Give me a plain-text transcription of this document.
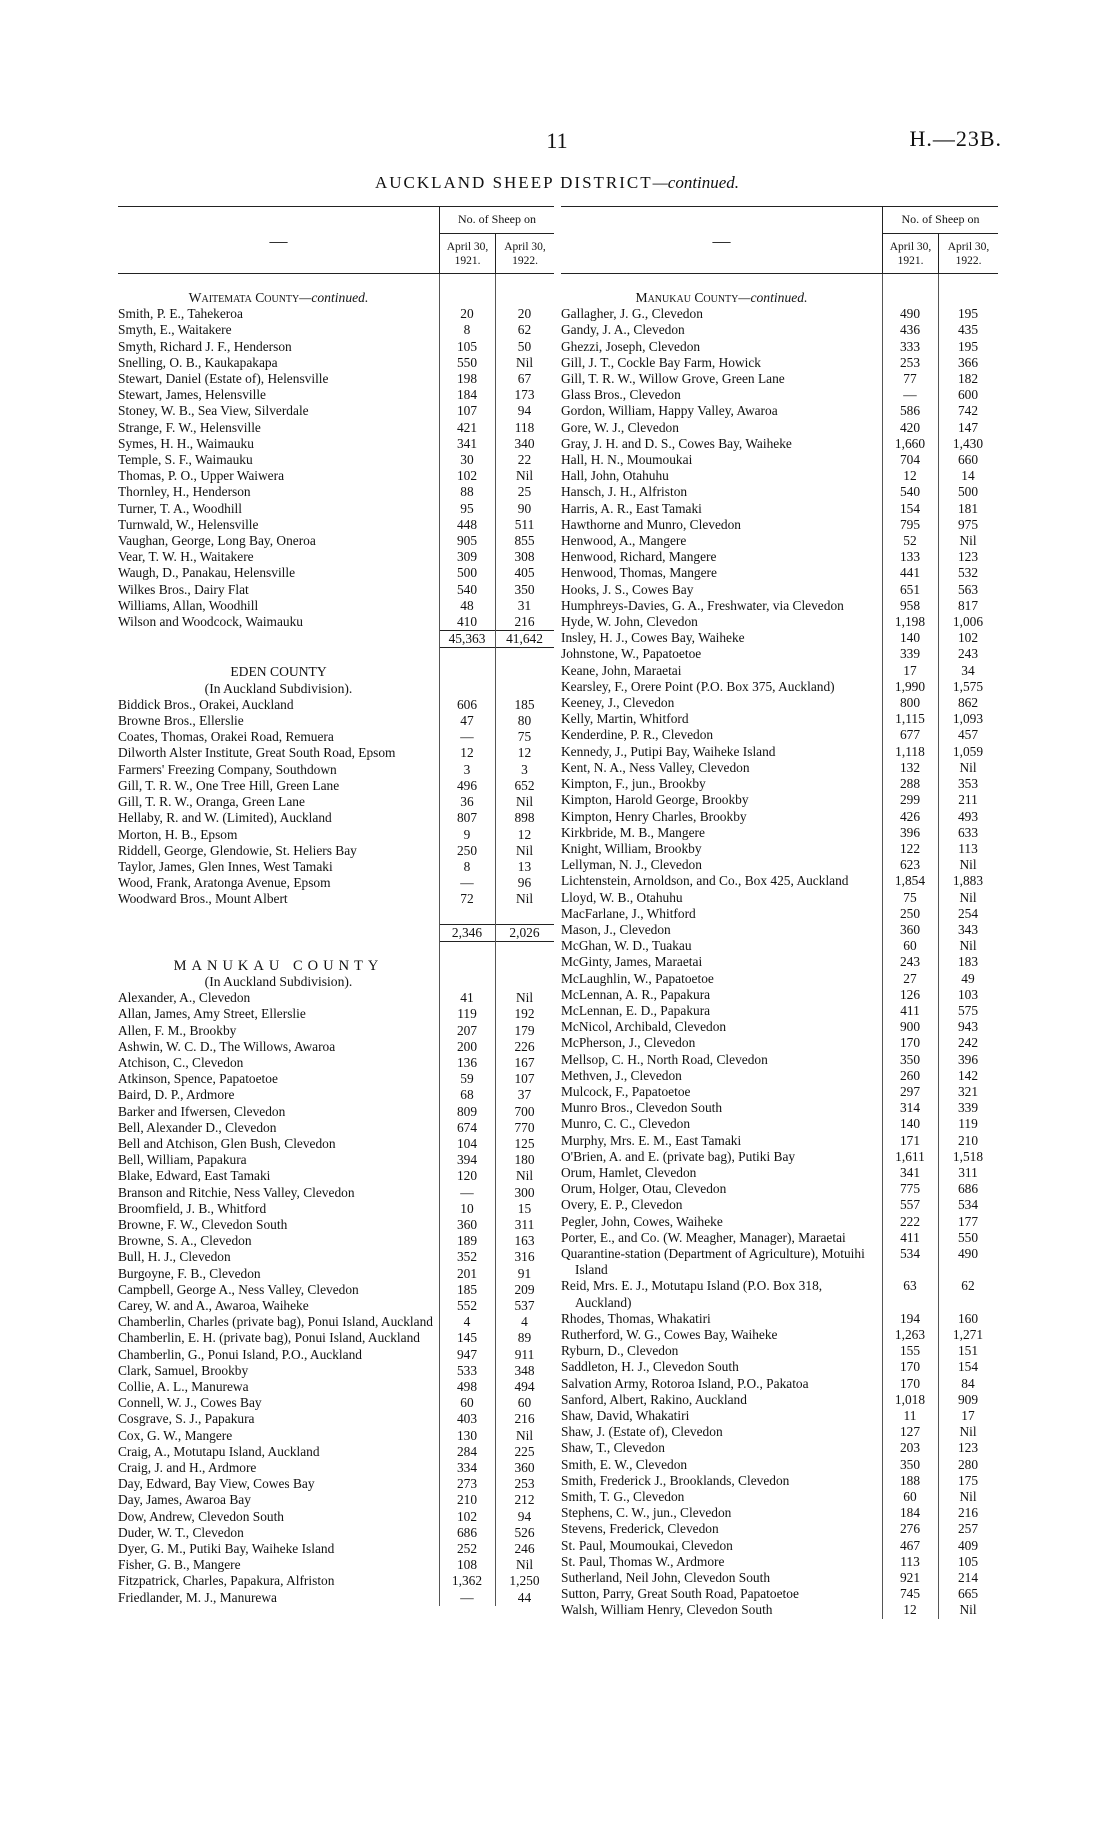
11	H.—23B.
AUCKLAND SHEEP DISTRICT—continued.
—
No. of Sheep on
April 30, 1921.
April 30, 1922.
Waitemata County—continued.
Smith, P. E., Tahekeroa	20	20
Smyth, E., Waitakere	8	62
Smyth, Richard J. F., Henderson	105	50
Snelling, O. B., Kaukapakapa	550	Nil
Stewart, Daniel (Estate of), Helensville	198	67
Stewart, James, Helensville	184	173
Stoney, W. B., Sea View, Silverdale	107	94
Strange, F. W., Helensville	421	118
Symes, H. H., Waimauku	341	340
Temple, S. F., Waimauku	30	22
Thomas, P. O., Upper Waiwera	102	Nil
Thornley, H., Henderson	88	25
Turner, T. A., Woodhill	95	90
Turnwald, W., Helensville	448	511
Vaughan, George, Long Bay, Oneroa	905	855
Vear, T. W. H., Waitakere	309	308
Waugh, D., Panakau, Helensville	500	405
Wilkes Bros., Dairy Flat	540	350
Williams, Allan, Woodhill	48	31
Wilson and Woodcock, Waimauku	410	216
45,363	41,642
EDEN COUNTY
(In Auckland Subdivision).
Biddick Bros., Orakei, Auckland	606	185
Browne Bros., Ellerslie	47	80
Coates, Thomas, Orakei Road, Remuera	—	75
Dilworth Alster Institute, Great South Road, Epsom	12	12
Farmers' Freezing Company, Southdown	3	3
Gill, T. R. W., One Tree Hill, Green Lane	496	652
Gill, T. R. W., Oranga, Green Lane	36	Nil
Hellaby, R. and W. (Limited), Auckland	807	898
Morton, H. B., Epsom	9	12
Riddell, George, Glendowie, St. Heliers Bay	250	Nil
Taylor, James, Glen Innes, West Tamaki	8	13
Wood, Frank, Aratonga Avenue, Epsom	—	96
Woodward Bros., Mount Albert	72	Nil
2,346	2,026
MANUKAU COUNTY
(In Auckland Subdivision).
Alexander, A., Clevedon	41	Nil
Allan, James, Amy Street, Ellerslie	119	192
Allen, F. M., Brookby	207	179
Ashwin, W. C. D., The Willows, Awaroa	200	226
Atchison, C., Clevedon	136	167
Atkinson, Spence, Papatoetoe	59	107
Baird, D. P., Ardmore	68	37
Barker and Ifwersen, Clevedon	809	700
Bell, Alexander D., Clevedon	674	770
Bell and Atchison, Glen Bush, Clevedon	104	125
Bell, William, Papakura	394	180
Blake, Edward, East Tamaki	120	Nil
Branson and Ritchie, Ness Valley, Clevedon	—	300
Broomfield, J. B., Whitford	10	15
Browne, F. W., Clevedon South	360	311
Browne, S. A., Clevedon	189	163
Bull, H. J., Clevedon	352	316
Burgoyne, F. B., Clevedon	201	91
Campbell, George A., Ness Valley, Clevedon	185	209
Carey, W. and A., Awaroa, Waiheke	552	537
Chamberlin, Charles (private bag), Ponui Island, Auckland	4	4
Chamberlin, E. H. (private bag), Ponui Island, Auckland	145	89
Chamberlin, G., Ponui Island, P.O., Auckland	947	911
Clark, Samuel, Brookby	533	348
Collie, A. L., Manurewa	498	494
Connell, W. J., Cowes Bay	60	60
Cosgrave, S. J., Papakura	403	216
Cox, G. W., Mangere	130	Nil
Craig, A., Motutapu Island, Auckland	284	225
Craig, J. and H., Ardmore	334	360
Day, Edward, Bay View, Cowes Bay	273	253
Day, James, Awaroa Bay	210	212
Dow, Andrew, Clevedon South	102	94
Duder, W. T., Clevedon	686	526
Dyer, G. M., Putiki Bay, Waiheke Island	252	246
Fisher, G. B., Mangere	108	Nil
Fitzpatrick, Charles, Papakura, Alfriston	1,362	1,250
Friedlander, M. J., Manurewa	—	44
—
No. of Sheep on
April 30, 1921.
April 30, 1922.
Manukau County—continued.
Gallagher, J. G., Clevedon	490	195
Gandy, J. A., Clevedon	436	435
Ghezzi, Joseph, Clevedon	333	195
Gill, J. T., Cockle Bay Farm, Howick	253	366
Gill, T. R. W., Willow Grove, Green Lane	77	182
Glass Bros., Clevedon	—	600
Gordon, William, Happy Valley, Awaroa	586	742
Gore, W. J., Clevedon	420	147
Gray, J. H. and D. S., Cowes Bay, Waiheke	1,660	1,430
Hall, H. N., Moumoukai	704	660
Hall, John, Otahuhu	12	14
Hansch, J. H., Alfriston	540	500
Harris, A. R., East Tamaki	154	181
Hawthorne and Munro, Clevedon	795	975
Henwood, A., Mangere	52	Nil
Henwood, Richard, Mangere	133	123
Henwood, Thomas, Mangere	441	532
Hooks, J. S., Cowes Bay	651	563
Humphreys-Davies, G. A., Freshwater, via Clevedon	958	817
Hyde, W. John, Clevedon	1,198	1,006
Insley, H. J., Cowes Bay, Waiheke	140	102
Johnstone, W., Papatoetoe	339	243
Keane, John, Maraetai	17	34
Kearsley, F., Orere Point (P.O. Box 375, Auckland)	1,990	1,575
Keeney, J., Clevedon	800	862
Kelly, Martin, Whitford	1,115	1,093
Kenderdine, P. R., Clevedon	677	457
Kennedy, J., Putipi Bay, Waiheke Island	1,118	1,059
Kent, N. A., Ness Valley, Clevedon	132	Nil
Kimpton, F., jun., Brookby	288	353
Kimpton, Harold George, Brookby	299	211
Kimpton, Henry Charles, Brookby	426	493
Kirkbride, M. B., Mangere	396	633
Knight, William, Brookby	122	113
Lellyman, N. J., Clevedon	623	Nil
Lichtenstein, Arnoldson, and Co., Box 425, Auckland	1,854	1,883
Lloyd, W. B., Otahuhu	75	Nil
MacFarlane, J., Whitford	250	254
Mason, J., Clevedon	360	343
McGhan, W. D., Tuakau	60	Nil
McGinty, James, Maraetai	243	183
McLaughlin, W., Papatoetoe	27	49
McLennan, A. R., Papakura	126	103
McLennan, E. D., Papakura	411	575
McNicol, Archibald, Clevedon	900	943
McPherson, J., Clevedon	170	242
Mellsop, C. H., North Road, Clevedon	350	396
Methven, J., Clevedon	260	142
Mulcock, F., Papatoetoe	297	321
Munro Bros., Clevedon South	314	339
Munro, C. C., Clevedon	140	119
Murphy, Mrs. E. M., East Tamaki	171	210
O'Brien, A. and E. (private bag), Putiki Bay	1,611	1,518
Orum, Hamlet, Clevedon	341	311
Orum, Holger, Otau, Clevedon	775	686
Overy, E. P., Clevedon	557	534
Pegler, John, Cowes, Waiheke	222	177
Porter, E., and Co. (W. Meagher, Manager), Maraetai	411	550
Quarantine-station (Department of Agriculture), Motuihi Island
534	490
Reid, Mrs. E. J., Motutapu Island (P.O. Box 318, Auckland)
63	62
Rhodes, Thomas, Whakatiri	194	160
Rutherford, W. G., Cowes Bay, Waiheke	1,263	1,271
Ryburn, D., Clevedon	155	151
Saddleton, H. J., Clevedon South	170	154
Salvation Army, Rotoroa Island, P.O., Pakatoa	170	84
Sanford, Albert, Rakino, Auckland	1,018	909
Shaw, David, Whakatiri	11	17
Shaw, J. (Estate of), Clevedon	127	Nil
Shaw, T., Clevedon	203	123
Smith, E. W., Clevedon	350	280
Smith, Frederick J., Brooklands, Clevedon	188	175
Smith, T. G., Clevedon	60	Nil
Stephens, C. W., jun., Clevedon	184	216
Stevens, Frederick, Clevedon	276	257
St. Paul, Moumoukai, Clevedon	467	409
St. Paul, Thomas W., Ardmore	113	105
Sutherland, Neil John, Clevedon South	921	214
Sutton, Parry, Great South Road, Papatoetoe	745	665
Walsh, William Henry, Clevedon South	12	Nil
